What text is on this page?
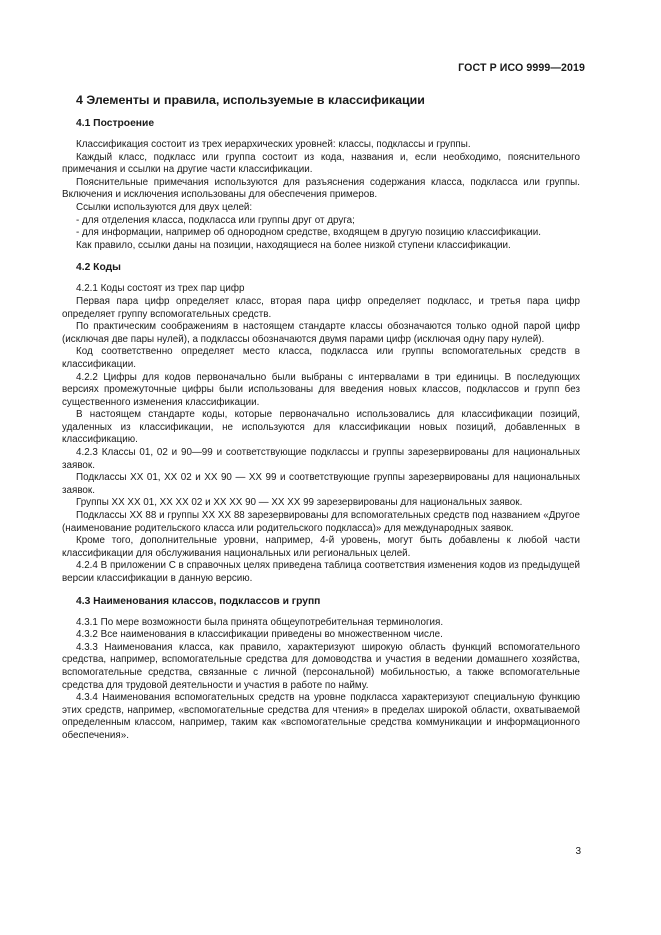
ГОСТ Р ИСО 9999—2019
4 Элементы и правила, используемые в классификации
4.1 Построение

Классификация состоит из трех иерархических уровней: классы, подклассы и группы.

Каждый класс, подкласс или группа состоит из кода, названия и, если необходимо, пояснительного примечания и ссылки на другие части классификации.

Пояснительные примечания используются для разъяснения содержания класса, подкласса или группы. Включения и исключения использованы для обеспечения примеров.

Ссылки используются для двух целей:

- для отделения класса, подкласса или группы друг от друга;

- для информации, например об однородном средстве, входящем в другую позицию классификации.

Как правило, ссылки даны на позиции, находящиеся на более низкой ступени классификации.

4.2 Коды

4.2.1 Коды состоят из трех пар цифр

Первая пара цифр определяет класс, вторая пара цифр определяет подкласс, и третья пара цифр определяет группу вспомогательных средств.

По практическим соображениям в настоящем стандарте классы обозначаются только одной парой цифр (исключая две пары нулей), а подклассы обозначаются двумя парами цифр (исключая одну пару нулей).

Код соответственно определяет место класса, подкласса или группы вспомогательных средств в классификации.

4.2.2 Цифры для кодов первоначально были выбраны с интервалами в три единицы. В последующих версиях промежуточные цифры были использованы для введения новых классов, подклассов и групп без существенного изменения классификации.

В настоящем стандарте коды, которые первоначально использовались для классификации позиций, удаленных из классификации, не используются для классификации новых позиций, добавленных в классификацию.

4.2.3 Классы 01, 02 и 90—99 и соответствующие подклассы и группы зарезервированы для национальных заявок.

Подклассы XX 01, XX 02 и XX 90 — XX 99 и соответствующие группы зарезервированы для национальных заявок.

Группы XX XX 01, XX XX 02 и XX XX 90 — XX XX 99 зарезервированы для национальных заявок.

Подклассы XX 88 и группы XX XX 88 зарезервированы для вспомогательных средств под названием «Другое (наименование родительского класса или родительского подкласса)» для международных заявок.

Кроме того, дополнительные уровни, например, 4-й уровень, могут быть добавлены к любой части классификации для обслуживания национальных или региональных целей.

4.2.4 В приложении С в справочных целях приведена таблица соответствия изменения кодов из предыдущей версии классификации в данную версию.

4.3 Наименования классов, подклассов и групп

4.3.1 По мере возможности была принята общеупотребительная терминология.

4.3.2 Все наименования в классификации приведены во множественном числе.

4.3.3 Наименования класса, как правило, характеризуют широкую область функций вспомогательного средства, например, вспомогательные средства для домоводства и участия в ведении домашнего хозяйства, вспомогательные средства, связанные с личной (персональной) мобильностью, а также вспомогательные средства для трудовой деятельности и участия в работе по найму.

4.3.4 Наименования вспомогательных средств на уровне подкласса характеризуют специальную функцию этих средств, например, «вспомогательные средства для чтения» в пределах широкой области, охватываемой определенным классом, например, таким как «вспомогательные средства коммуникации и информационного обеспечения».

3
